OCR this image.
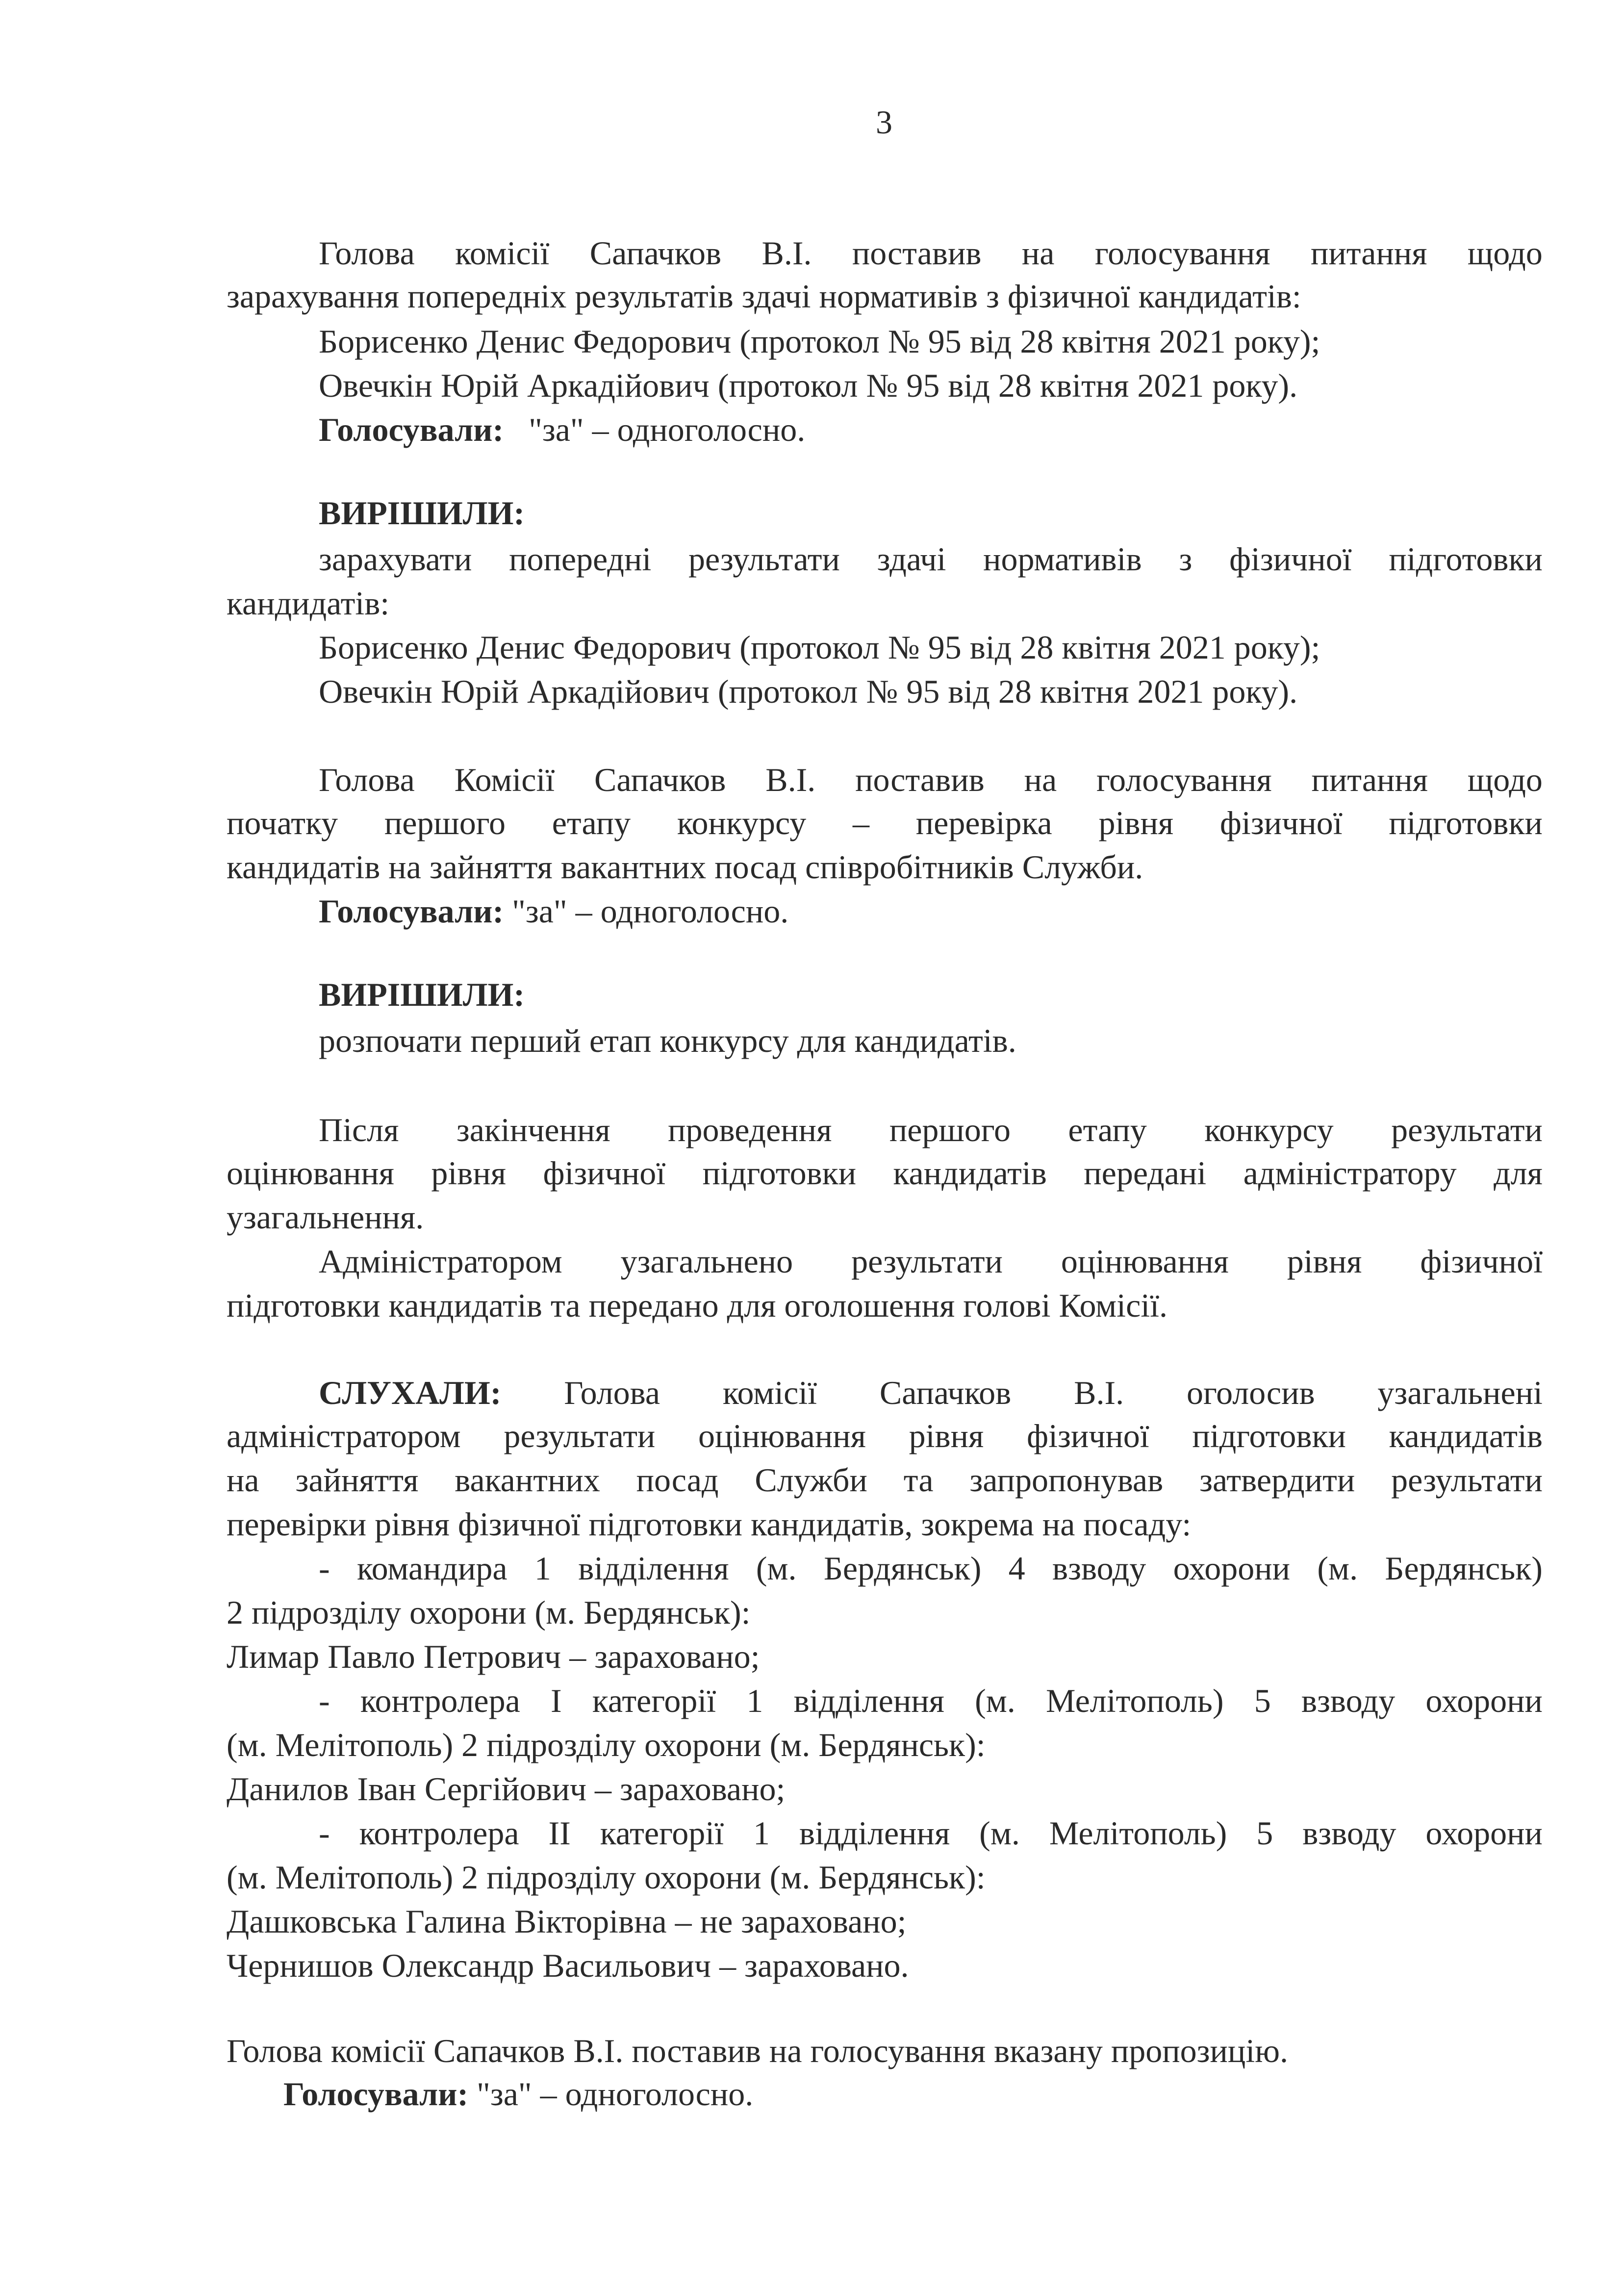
3
Голова комісії Сапачков В.І. поставив на голосування питання щодо
зарахування попередніх результатів здачі нормативів з фізичної кандидатів:
Борисенко Денис Федорович (протокол № 95 від 28 квітня 2021 року);
Овечкін Юрій Аркадійович (протокол № 95 від 28 квітня 2021 року).
Голосували: "за" – одноголосно.
ВИРІШИЛИ:
зарахувати попередні результати здачі нормативів з фізичної підготовки
кандидатів:
Борисенко Денис Федорович (протокол № 95 від 28 квітня 2021 року);
Овечкін Юрій Аркадійович (протокол № 95 від 28 квітня 2021 року).
Голова Комісії Сапачков В.І. поставив на голосування питання щодо
початку першого етапу конкурсу – перевірка рівня фізичної підготовки
кандидатів на зайняття вакантних посад співробітників Служби.
Голосували: "за" – одноголосно.
ВИРІШИЛИ:
розпочати перший етап конкурсу для кандидатів.
Після закінчення проведення першого етапу конкурсу результати
оцінювання рівня фізичної підготовки кандидатів передані адміністратору для
узагальнення.
Адміністратором узагальнено результати оцінювання рівня фізичної
підготовки кандидатів та передано для оголошення голові Комісії.
СЛУХАЛИ: Голова комісії Сапачков В.І. оголосив узагальнені
адміністратором результати оцінювання рівня фізичної підготовки кандидатів
на зайняття вакантних посад Служби та запропонував затвердити результати
перевірки рівня фізичної підготовки кандидатів, зокрема на посаду:
- командира 1 відділення (м. Бердянськ) 4 взводу охорони (м. Бердянськ)
2 підрозділу охорони (м. Бердянськ):
Лимар Павло Петрович – зараховано;
- контролера І категорії 1 відділення (м. Мелітополь) 5 взводу охорони
(м. Мелітополь) 2 підрозділу охорони (м. Бердянськ):
Данилов Іван Сергійович – зараховано;
- контролера ІІ категорії 1 відділення (м. Мелітополь) 5 взводу охорони
(м. Мелітополь) 2 підрозділу охорони (м. Бердянськ):
Дашковська Галина Вікторівна – не зараховано;
Чернишов Олександр Васильович – зараховано.
Голова комісії Сапачков В.І. поставив на голосування вказану пропозицію.
Голосували: "за" – одноголосно.
